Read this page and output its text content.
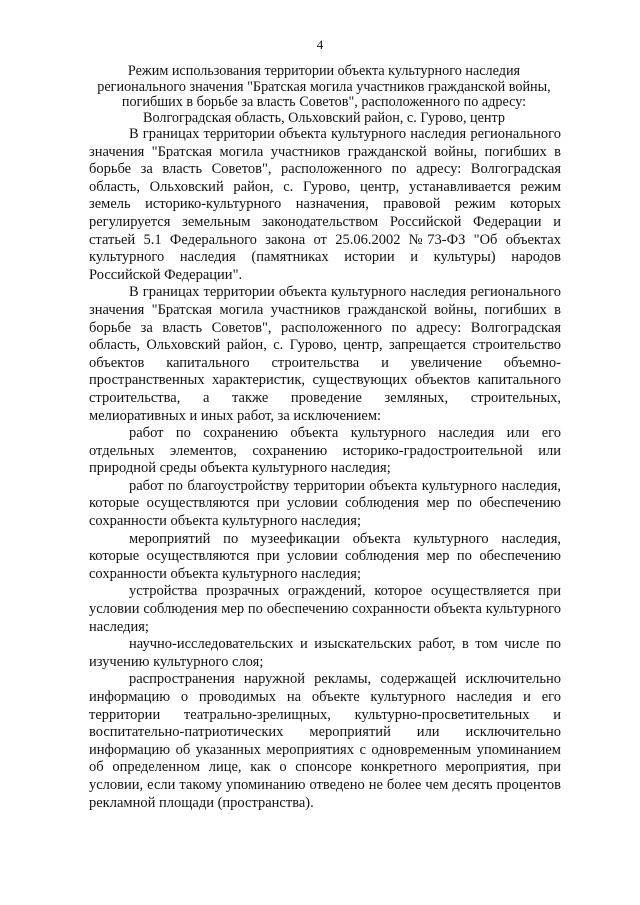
4
Режим использования территории объекта культурного наследия регионального значения "Братская могила участников гражданской войны, погибших в борьбе за власть Советов", расположенного по адресу: Волгоградская область, Ольховский район, с. Гурово, центр

В границах территории объекта культурного наследия регионального значения "Братская могила участников гражданской войны, погибших в борьбе за власть Советов", расположенного по адресу: Волгоградская область, Ольховский район, с. Гурово, центр, устанавливается режим земель историко-культурного назначения, правовой режим которых регулируется земельным законодательством Российской Федерации и статьей 5.1 Федерального закона от 25.06.2002 №73-ФЗ "Об объектах культурного наследия (памятниках истории и культуры) народов Российской Федерации".

В границах территории объекта культурного наследия регионального значения "Братская могила участников гражданской войны, погибших в борьбе за власть Советов", расположенного по адресу: Волгоградская область, Ольховский район, с. Гурово, центр, запрещается строительство объектов капитального строительства и увеличение объемно-пространственных характеристик, существующих объектов капитального строительства, а также проведение земляных, строительных, мелиоративных и иных работ, за исключением:

работ по сохранению объекта культурного наследия или его отдельных элементов, сохранению историко-градостроительной или природной среды объекта культурного наследия;

работ по благоустройству территории объекта культурного наследия, которые осуществляются при условии соблюдения мер по обеспечению сохранности объекта культурного наследия;

мероприятий по музеефикации объекта культурного наследия, которые осуществляются при условии соблюдения мер по обеспечению сохранности объекта культурного наследия;

устройства прозрачных ограждений, которое осуществляется при условии соблюдения мер по обеспечению сохранности объекта культурного наследия;

научно-исследовательских и изыскательских работ, в том числе по изучению культурного слоя;

распространения наружной рекламы, содержащей исключительно информацию о проводимых на объекте культурного наследия и его территории театрально-зрелищных, культурно-просветительных и воспитательно-патриотических мероприятий или исключительно информацию об указанных мероприятиях с одновременным упоминанием об определенном лице, как о спонсоре конкретного мероприятия, при условии, если такому упоминанию отведено не более чем десять процентов рекламной площади (пространства).
